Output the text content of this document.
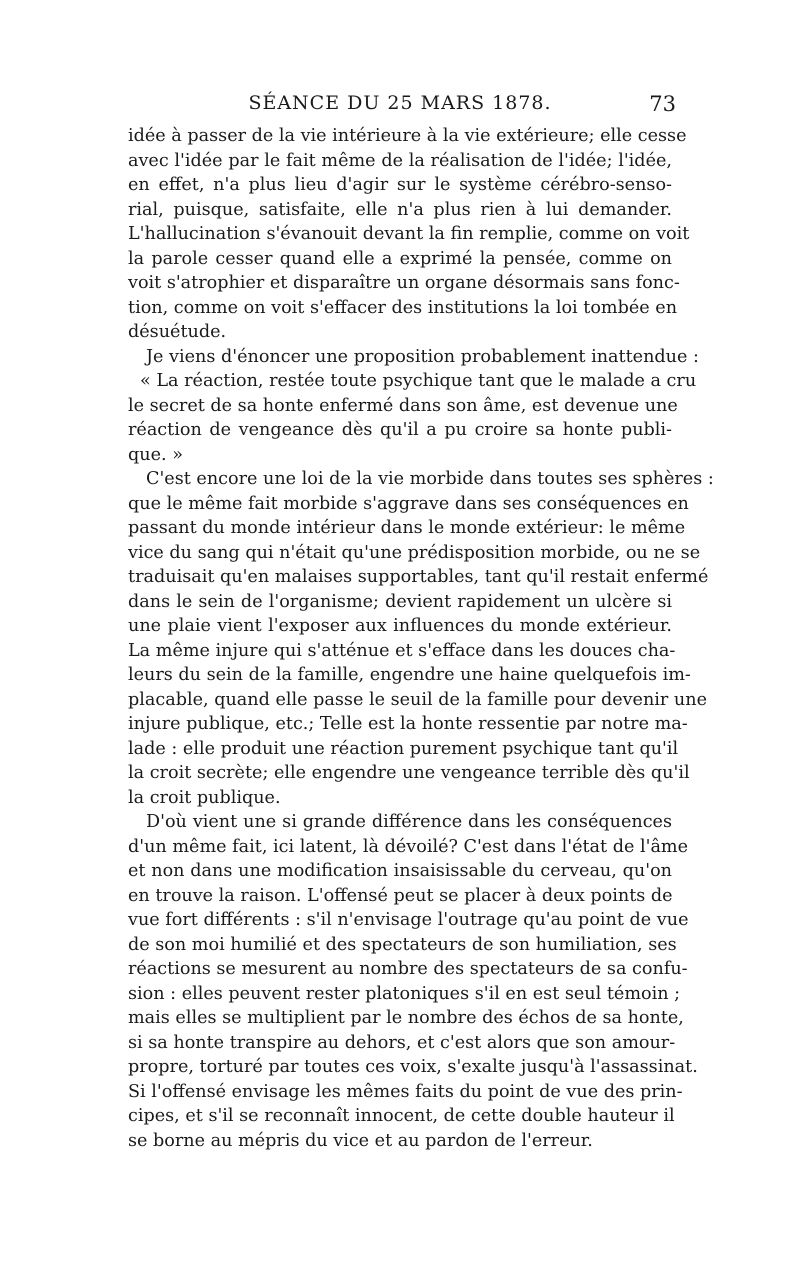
SÉANCE DU 25 MARS 1878.	73
idée à passer de la vie intérieure à la vie extérieure; elle cesse
avec l'idée par le fait même de la réalisation de l'idée; l'idée,
en effet, n'a plus lieu d'agir sur le système cérébro-senso-
rial, puisque, satisfaite, elle n'a plus rien à lui demander.
L'hallucination s'évanouit devant la fin remplie, comme on voit
la parole cesser quand elle a exprimé la pensée, comme on
voit s'atrophier et disparaître un organe désormais sans fonc-
tion, comme on voit s'effacer des institutions la loi tombée en
désuétude.
Je viens d'énoncer une proposition probablement inattendue :
« La réaction, restée toute psychique tant que le malade a cru
le secret de sa honte enfermé dans son âme, est devenue une
réaction de vengeance dès qu'il a pu croire sa honte publi-
que. »
C'est encore une loi de la vie morbide dans toutes ses sphères :
que le même fait morbide s'aggrave dans ses conséquences en
passant du monde intérieur dans le monde extérieur: le même
vice du sang qui n'était qu'une prédisposition morbide, ou ne se
traduisait qu'en malaises supportables, tant qu'il restait enfermé
dans le sein de l'organisme; devient rapidement un ulcère si
une plaie vient l'exposer aux influences du monde extérieur.
La même injure qui s'atténue et s'efface dans les douces cha-
leurs du sein de la famille, engendre une haine quelquefois im-
placable, quand elle passe le seuil de la famille pour devenir une
injure publique, etc.; Telle est la honte ressentie par notre ma-
lade : elle produit une réaction purement psychique tant qu'il
la croit secrète; elle engendre une vengeance terrible dès qu'il
la croit publique.
D'où vient une si grande différence dans les conséquences
d'un même fait, ici latent, là dévoilé? C'est dans l'état de l'âme
et non dans une modification insaisissable du cerveau, qu'on
en trouve la raison. L'offensé peut se placer à deux points de
vue fort différents : s'il n'envisage l'outrage qu'au point de vue
de son moi humilié et des spectateurs de son humiliation, ses
réactions se mesurent au nombre des spectateurs de sa confu-
sion : elles peuvent rester platoniques s'il en est seul témoin ;
mais elles se multiplient par le nombre des échos de sa honte,
si sa honte transpire au dehors, et c'est alors que son amour-
propre, torturé par toutes ces voix, s'exalte jusqu'à l'assassinat.
Si l'offensé envisage les mêmes faits du point de vue des prin-
cipes, et s'il se reconnaît innocent, de cette double hauteur il
se borne au mépris du vice et au pardon de l'erreur.
